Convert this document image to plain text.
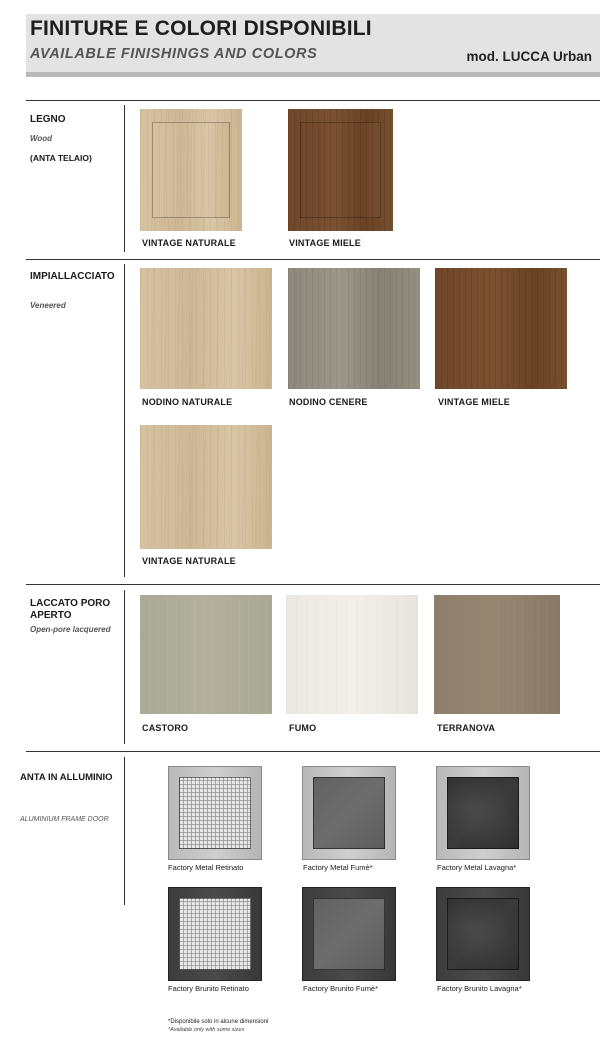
FINITURE E COLORI DISPONIBILI
AVAILABLE FINISHINGS AND COLORS	mod. LUCCA Urban
LEGNO
Wood
(ANTA TELAIO)
VINTAGE NATURALE	VINTAGE MIELE
IMPIALLACCIATO
Veneered
NODINO NATURALE	NODINO CENERE	VINTAGE MIELE
VINTAGE NATURALE
LACCATO PORO
APERTO
Open-pore lacquered
CASTORO	FUMO	TERRANOVA
ANTA IN ALLUMINIO
ALUMINIUM FRAME DOOR
Factory Metal Retinato	Factory Metal Fumè*	Factory Metal Lavagna*
Factory Brunito Retinato	Factory Brunito Fumè*	Factory Brunito Lavagna*
*Disponibile solo in alcune dimensioni
*Available only with some sizes
